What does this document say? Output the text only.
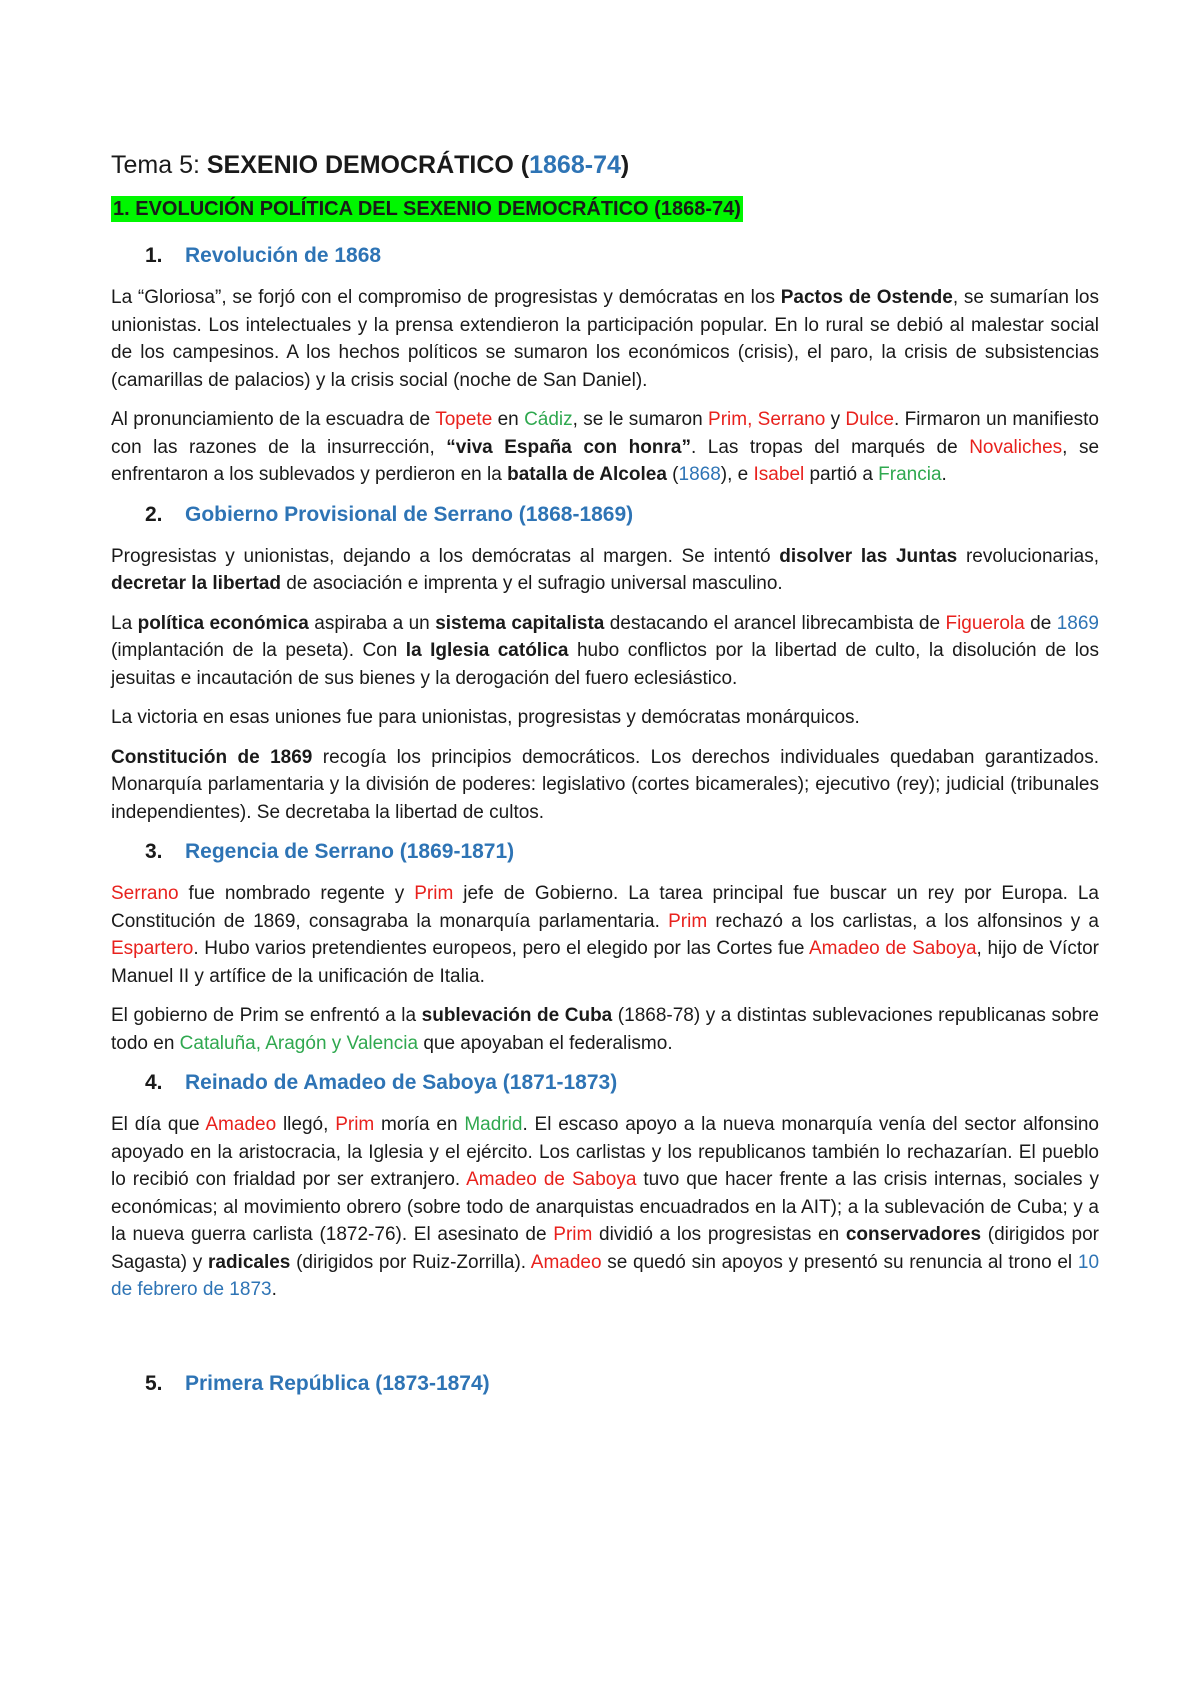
Tema 5: SEXENIO DEMOCRÁTICO (1868-74)
1. EVOLUCIÓN POLÍTICA DEL SEXENIO DEMOCRÁTICO (1868-74)
1. Revolución de 1868

La “Gloriosa”, se forjó con el compromiso de progresistas y demócratas en los Pactos de Ostende, se sumarían los unionistas. Los intelectuales y la prensa extendieron la participación popular. En lo rural se debió al malestar social de los campesinos. A los hechos políticos se sumaron los económicos (crisis), el paro, la crisis de subsistencias (camarillas de palacios) y la crisis social (noche de San Daniel).

Al pronunciamiento de la escuadra de Topete en Cádiz, se le sumaron Prim, Serrano y Dulce. Firmaron un manifiesto con las razones de la insurrección, “viva España con honra”. Las tropas del marqués de Novaliches, se enfrentaron a los sublevados y perdieron en la batalla de Alcolea (1868), e Isabel partió a Francia.

2. Gobierno Provisional de Serrano (1868-1869)

Progresistas y unionistas, dejando a los demócratas al margen. Se intentó disolver las Juntas revolucionarias, decretar la libertad de asociación e imprenta y el sufragio universal masculino.

La política económica aspiraba a un sistema capitalista destacando el arancel librecambista de Figuerola de 1869 (implantación de la peseta). Con la Iglesia católica hubo conflictos por la libertad de culto, la disolución de los jesuitas e incautación de sus bienes y la derogación del fuero eclesiástico.

La victoria en esas uniones fue para unionistas, progresistas y demócratas monárquicos.

Constitución de 1869 recogía los principios democráticos. Los derechos individuales quedaban garantizados. Monarquía parlamentaria y la división de poderes: legislativo (cortes bicamerales); ejecutivo (rey); judicial (tribunales independientes). Se decretaba la libertad de cultos.

3. Regencia de Serrano (1869-1871)

Serrano fue nombrado regente y Prim jefe de Gobierno. La tarea principal fue buscar un rey por Europa. La Constitución de 1869, consagraba la monarquía parlamentaria. Prim rechazó a los carlistas, a los alfonsinos y a Espartero. Hubo varios pretendientes europeos, pero el elegido por las Cortes fue Amadeo de Saboya, hijo de Víctor Manuel II y artífice de la unificación de Italia.

El gobierno de Prim se enfrentó a la sublevación de Cuba (1868-78) y a distintas sublevaciones republicanas sobre todo en Cataluña, Aragón y Valencia que apoyaban el federalismo.

4. Reinado de Amadeo de Saboya (1871-1873)

El día que Amadeo llegó, Prim moría en Madrid. El escaso apoyo a la nueva monarquía venía del sector alfonsino apoyado en la aristocracia, la Iglesia y el ejército. Los carlistas y los republicanos también lo rechazarían. El pueblo lo recibió con frialdad por ser extranjero. Amadeo de Saboya tuvo que hacer frente a las crisis internas, sociales y económicas; al movimiento obrero (sobre todo de anarquistas encuadrados en la AIT); a la sublevación de Cuba; y a la nueva guerra carlista (1872-76). El asesinato de Prim dividió a los progresistas en conservadores (dirigidos por Sagasta) y radicales (dirigidos por Ruiz-Zorrilla). Amadeo se quedó sin apoyos y presentó su renuncia al trono el 10 de febrero de 1873.

5. Primera República (1873-1874)
